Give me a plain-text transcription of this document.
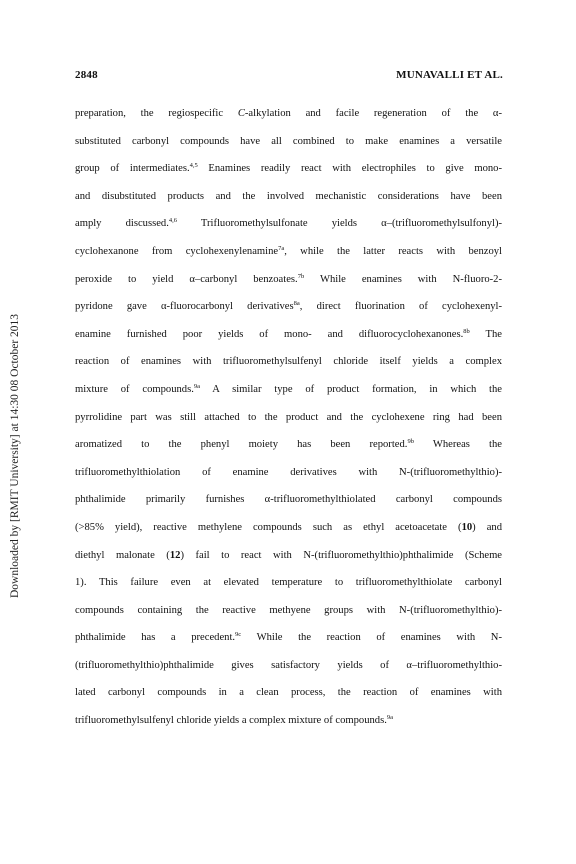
2848	MUNAVALLI ET AL.
Downloaded by [RMIT University] at 14:30 08 October 2013
preparation, the regiospecific C-alkylation and facile regeneration of the α-
substituted carbonyl compounds have all combined to make enamines a versatile
group of intermediates.$^{4,5}$ Enamines readily react with electrophiles to give mono-
and disubstituted products and the involved mechanistic considerations have been
amply discussed.$^{4,6}$ Trifluoromethylsulfonate yields α–(trifluoromethylsulfonyl)-
cyclohexanone from cyclohexenylenamine$^{7a}$, while the latter reacts with benzoyl
peroxide to yield α–carbonyl benzoates.$^{7b}$ While enamines with N-fluoro-2-
pyridone gave α-fluorocarbonyl derivatives$^{8a}$, direct fluorination of cyclohexenyl-
enamine furnished poor yields of mono- and difluorocyclohexanones.$^{8b}$ The
reaction of enamines with trifluoromethylsulfenyl chloride itself yields a complex
mixture of compounds.$^{9a}$ A similar type of product formation, in which the
pyrrolidine part was still attached to the product and the cyclohexene ring had been
aromatized to the phenyl moiety has been reported.$^{9b}$ Whereas the
trifluoromethylthiolation of enamine derivatives with N-(trifluoromethylthio)-
phthalimide primarily furnishes α-trifluoromethylthiolated carbonyl compounds
(>85% yield), reactive methylene compounds such as ethyl acetoacetate (10) and
diethyl malonate (12) fail to react with N-(trifluoromethylthio)phthalimide (Scheme
1). This failure even at elevated temperature to trifluoromethylthiolate carbonyl
compounds containing the reactive methyene groups with N-(trifluoromethylthio)-
phthalimide has a precedent.$^{9c}$ While the reaction of enamines with N-
(trifluoromethylthio)phthalimide gives satisfactory yields of α–trifluoromethylthio-
lated carbonyl compounds in a clean process, the reaction of enamines with
trifluoromethylsulfenyl chloride yields a complex mixture of compounds.$^{9a}$
